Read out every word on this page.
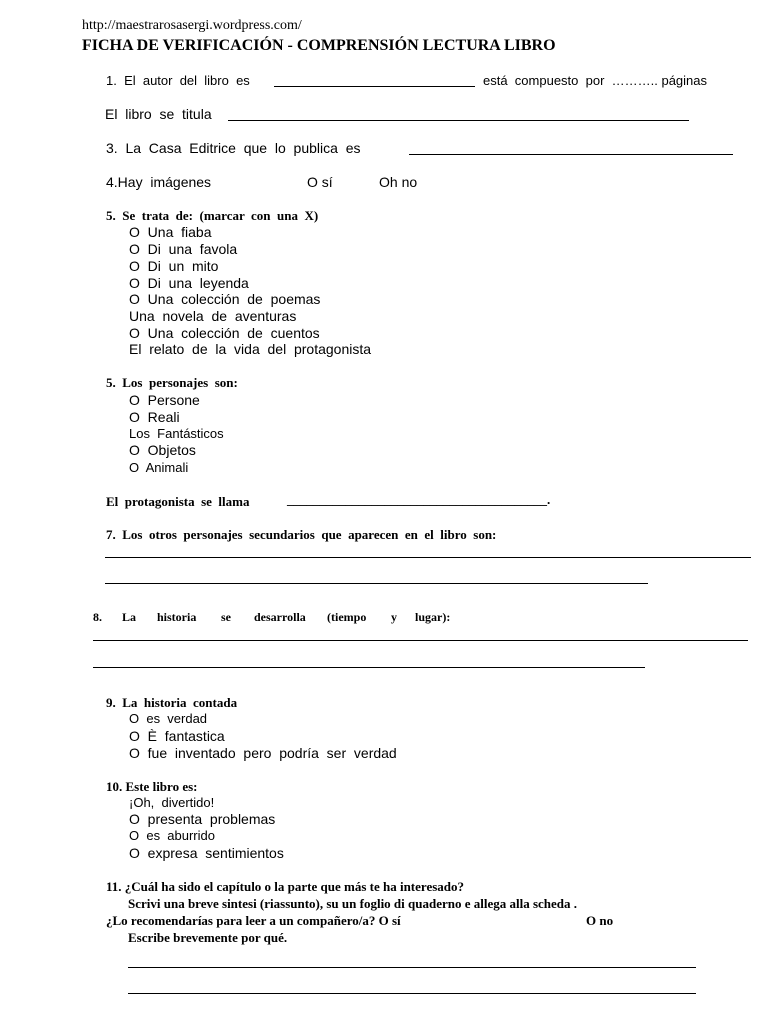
http://maestrarosasergi.wordpress.com/
FICHA DE VERIFICACIÓN - COMPRENSIÓN LECTURA LIBRO
1.  El  autor  del  libro  es	está  compuesto  por  ……….. páginas
El  libro  se  titula
3.  La  Casa  Editrice  que  lo  publica  es
4.Hay  imágenes	O sí	Oh no
5.  Se  trata  de:  (marcar  con  una  X)
O  Una  fiaba
O  Di  una  favola
O  Di  un  mito
O  Di  una  leyenda
O  Una  colección  de  poemas
Una  novela  de  aventuras
O  Una  colección  de  cuentos
El  relato  de  la  vida  del  protagonista
5.  Los  personajes  son:
O  Persone
O  Reali
Los  Fantásticos
O  Objetos
O  Animali
El  protagonista  se  llama	________________________________________.
7.  Los  otros  personajes  secundarios  que  aparecen  en  el  libro  son:
8. La historia se desarrolla (tiempo y lugar):
9.  La  historia  contada
O  es  verdad
O  È  fantastica
O  fue  inventado  pero  podría  ser  verdad
10. Este libro es:
¡Oh,  divertido!
O  presenta  problemas
O  es  aburrido
O  expresa  sentimientos
11. ¿Cuál ha sido el capítulo o la parte que más te ha interesado?
Scrivi una breve sintesi (riassunto), su un foglio di quaderno e allega alla scheda .
¿Lo recomendarías para leer a un compañero/a? O sí	O no
Escribe brevemente por qué.
